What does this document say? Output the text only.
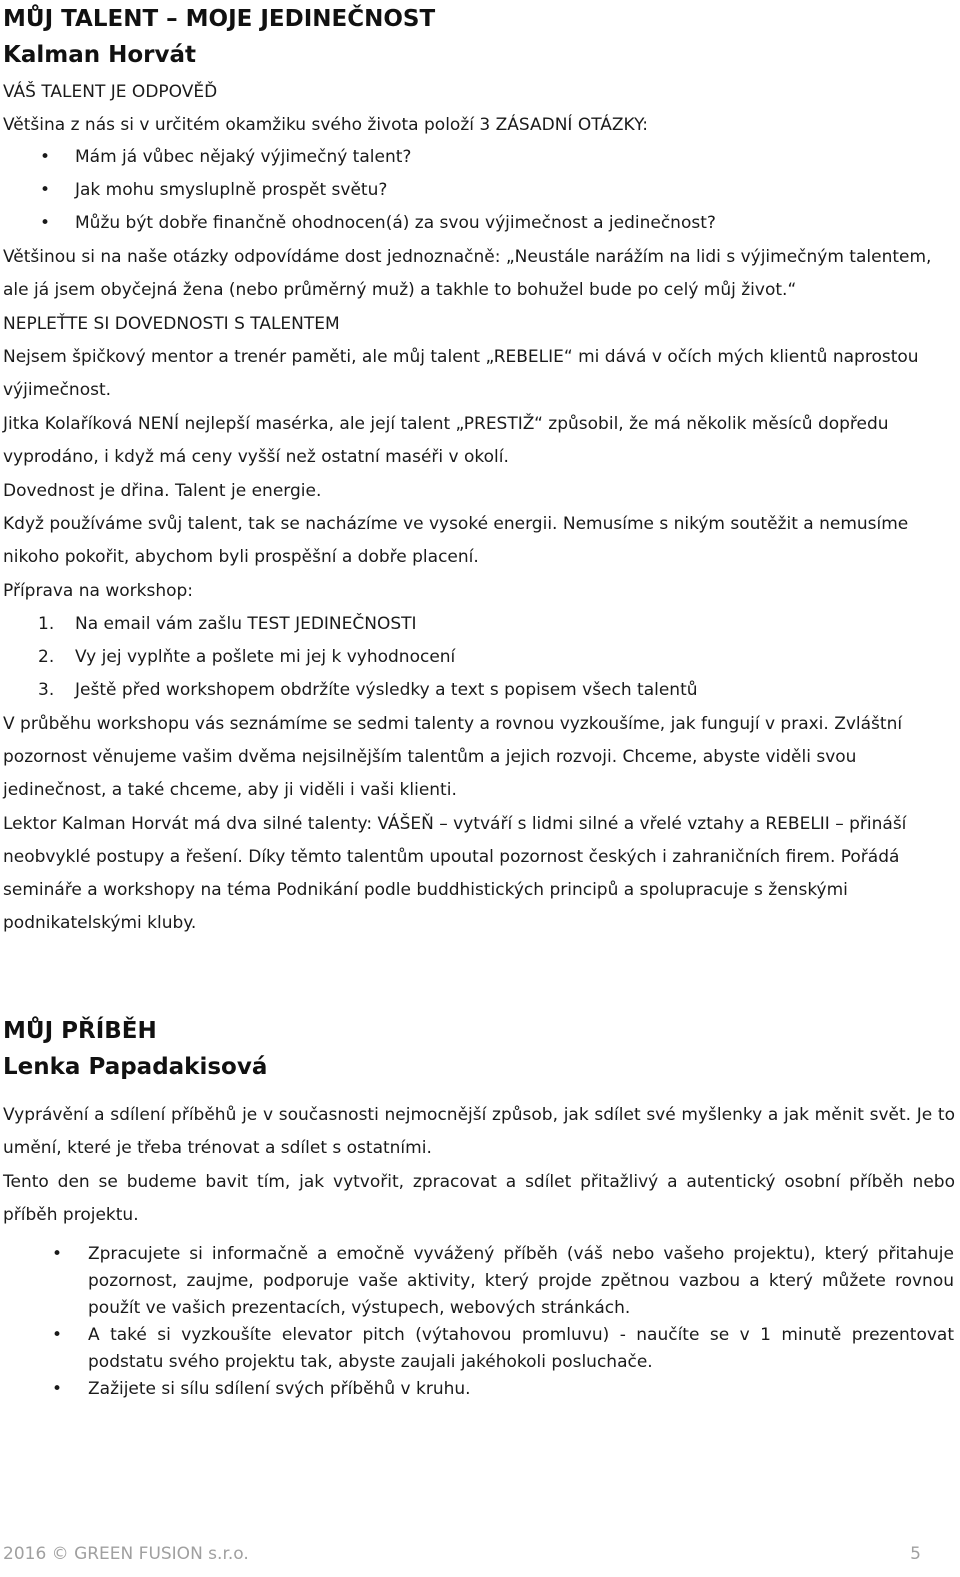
MŮJ TALENT – MOJE JEDINEČNOST
Kalman Horvát
VÁŠ TALENT JE ODPOVĚĎ
Většina z nás si v určitém okamžiku svého života položí 3 ZÁSADNÍ OTÁZKY:
•	Mám já vůbec nějaký výjimečný talent?
•	Jak mohu smysluplně prospět světu?
•	Můžu být dobře finančně ohodnocen(á) za svou výjimečnost a jedinečnost?
Většinou si na naše otázky odpovídáme dost jednoznačně: „Neustále narážím na lidi s výjimečným talentem, ale já jsem obyčejná žena (nebo průměrný muž) a takhle to bohužel bude po celý můj život.“
NEPLEŤTE SI DOVEDNOSTI S TALENTEM
Nejsem špičkový mentor a trenér paměti, ale můj talent „REBELIE“ mi dává v očích mých klientů naprostou výjimečnost.
Jitka Kolaříková NENÍ nejlepší masérka, ale její talent „PRESTIŽ“ způsobil, že má několik měsíců dopředu vyprodáno, i když má ceny vyšší než ostatní maséři v okolí.
Dovednost je dřina. Talent je energie.
Když používáme svůj talent, tak se nacházíme ve vysoké energii. Nemusíme s nikým soutěžit a nemusíme nikoho pokořit, abychom byli prospěšní a dobře placení.
Příprava na workshop:
1. Na email vám zašlu TEST JEDINEČNOSTI
2. Vy jej vyplňte a pošlete mi jej k vyhodnocení
3. Ještě před workshopem obdržíte výsledky a text s popisem všech talentů
V průběhu workshopu vás seznámíme se sedmi talenty a rovnou vyzkoušíme, jak fungují v praxi. Zvláštní pozornost věnujeme vašim dvěma nejsilnějším talentům a jejich rozvoji. Chceme, abyste viděli svou jedinečnost, a také chceme, aby ji viděli i vaši klienti.
Lektor Kalman Horvát má dva silné talenty: VÁŠEŇ – vytváří s lidmi silné a vřelé vztahy a REBELII – přináší neobvyklé postupy a řešení. Díky těmto talentům upoutal pozornost českých i zahraničních firem. Pořádá semináře a workshopy na téma Podnikání podle buddhistických principů a spolupracuje s ženskými podnikatelskými kluby.
MŮJ PŘÍBĚH
Lenka Papadakisová
Vyprávění a sdílení příběhů je v současnosti nejmocnější způsob, jak sdílet své myšlenky a jak měnit svět. Je to umění, které je třeba trénovat a sdílet s ostatními.
Tento den se budeme bavit tím, jak vytvořit, zpracovat a sdílet přitažlivý a autentický osobní příběh nebo příběh projektu.
• Zpracujete si informačně a emočně vyvážený příběh (váš nebo vašeho projektu), který přitahuje pozornost, zaujme, podporuje vaše aktivity, který projde zpětnou vazbou a který můžete rovnou použít ve vašich prezentacích, výstupech, webových stránkách.
• A také si vyzkoušíte elevator pitch (výtahovou promluvu) - naučíte se v 1 minutě prezentovat podstatu svého projektu tak, abyste zaujali jakéhokoli posluchače.
• Zažijete si sílu sdílení svých příběhů v kruhu.
2016 © GREEN FUSION s.r.o.	5
